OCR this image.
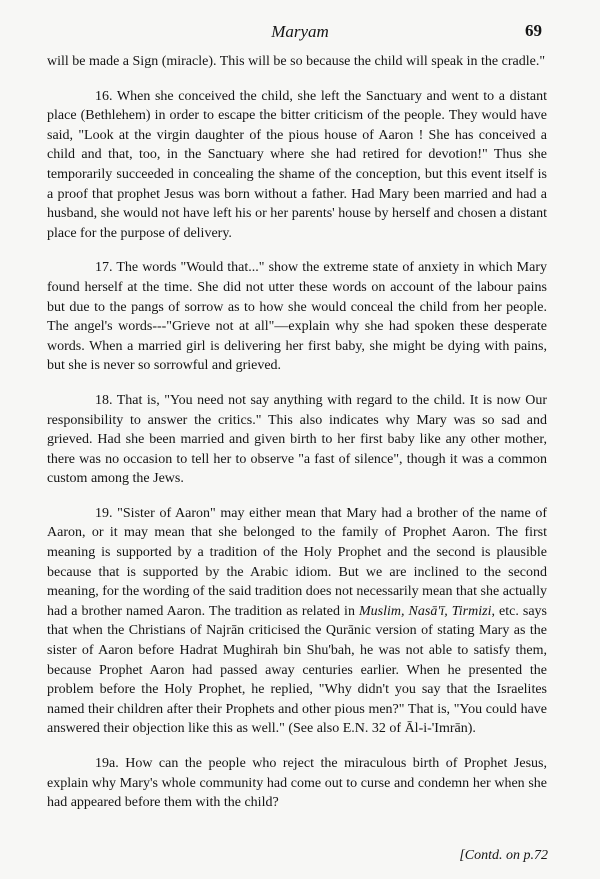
Maryam	69

will be made a Sign (miracle). This will be so because the child will speak in the cradle."

16. When she conceived the child, she left the Sanctuary and went to a distant place (Bethlehem) in order to escape the bitter criticism of the people. They would have said, "Look at the virgin daughter of the pious house of Aaron ! She has conceived a child and that, too, in the Sanctuary where she had retired for devotion!" Thus she temporarily succeeded in concealing the shame of the conception, but this event itself is a proof that prophet Jesus was born without a father. Had Mary been married and had a husband, she would not have left his or her parents' house by herself and chosen a distant place for the purpose of delivery.

17. The words "Would that..." show the extreme state of anxiety in which Mary found herself at the time. She did not utter these words on account of the labour pains but due to the pangs of sorrow as to how she would conceal the child from her people. The angel's words---"Grieve not at all"—explain why she had spoken these desperate words. When a married girl is delivering her first baby, she might be dying with pains, but she is never so sorrowful and grieved.

18. That is, "You need not say anything with regard to the child. It is now Our responsibility to answer the critics." This also indicates why Mary was so sad and grieved. Had she been married and given birth to her first baby like any other mother, there was no occasion to tell her to observe "a fast of silence", though it was a common custom among the Jews.

19. "Sister of Aaron" may either mean that Mary had a brother of the name of Aaron, or it may mean that she belonged to the family of Prophet Aaron. The first meaning is supported by a tradition of the Holy Prophet and the second is plausible because that is supported by the Arabic idiom. But we are inclined to the second meaning, for the wording of the said tradition does not necessarily mean that she actually had a brother named Aaron. The tradition as related in Muslim, Nasā'ī, Tirmizi, etc. says that when the Christians of Najrān criticised the Qurānic version of stating Mary as the sister of Aaron before Hadrat Mughirah bin Shu'bah, he was not able to satisfy them, because Prophet Aaron had passed away centuries earlier. When he presented the problem before the Holy Prophet, he replied, "Why didn't you say that the Israelites named their children after their Prophets and other pious men?" That is, "You could have answered their objection like this as well." (See also E.N. 32 of Āl-i-'Imrān).

19a. How can the people who reject the miraculous birth of Prophet Jesus, explain why Mary's whole community had come out to curse and condemn her when she had appeared before them with the child?

[Contd. on p.72
